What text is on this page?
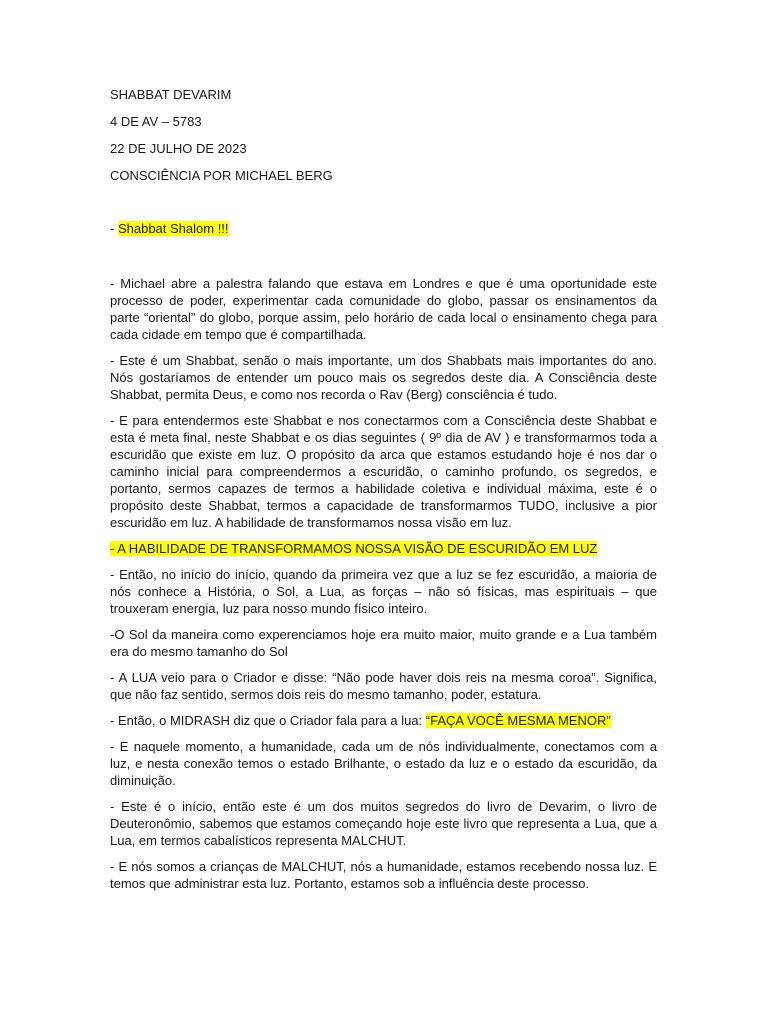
SHABBAT DEVARIM

4 DE AV – 5783

22 DE JULHO DE 2023

CONSCIÊNCIA POR MICHAEL BERG

- Shabbat Shalom !!!

- Michael abre a palestra falando que estava em Londres e que é uma oportunidade este processo de poder, experimentar cada comunidade do globo, passar os ensinamentos da parte “oriental” do globo, porque assim, pelo horário de cada local o ensinamento chega para cada cidade em tempo que é compartilhada.

- Este é um Shabbat, senão o mais importante, um dos Shabbats mais importantes do ano. Nós gostaríamos de entender um pouco mais os segredos deste dia. A Consciência deste Shabbat, permita Deus, e como nos recorda o Rav (Berg) consciência é tudo.

- E para entendermos este Shabbat e nos conectarmos com a Consciência deste Shabbat e esta é meta final, neste Shabbat e os dias seguintes ( 9º dia de AV ) e transformarmos toda a escuridão que existe em luz. O propósito da arca que estamos estudando hoje é nos dar o caminho inicial para compreendermos a escuridão, o caminho profundo, os segredos, e portanto, sermos capazes de termos a habilidade coletiva e individual máxima, este é o propósito deste Shabbat, termos a capacidade de transformarmos TUDO, inclusive a pior escuridão em luz. A habilidade de transformamos nossa visão em luz.

- A HABILIDADE DE TRANSFORMAMOS NOSSA VISÃO DE ESCURIDÃO EM LUZ

- Então, no início do início, quando da primeira vez que a luz se fez escuridão, a maioria de nós conhece a História, o Sol, a Lua, as forças – não só físicas, mas espirituais – que trouxeram energia, luz para nosso mundo físico inteiro.

-O Sol da maneira como experenciamos hoje era muito maior, muito grande e a Lua também era do mesmo tamanho do Sol

- A LUA veio para o Criador e disse: “Não pode haver dois reis na mesma coroa”. Significa, que não faz sentido, sermos dois reis do mesmo tamanho, poder, estatura.

- Então, o MIDRASH diz que o Criador fala para a lua: “FAÇA VOCÊ MESMA MENOR”

- E naquele momento, a humanidade, cada um de nós individualmente, conectamos com a luz, e nesta conexão temos o estado Brilhante, o estado da luz e o estado da escuridão, da diminuição.

- Este é o início, então este é um dos muitos segredos do livro de Devarim, o livro de Deuteronômio, sabemos que estamos começando hoje este livro que representa a Lua, que a Lua, em termos cabalísticos representa MALCHUT.

- E nós somos a crianças de MALCHUT, nós a humanidade, estamos recebendo nossa luz. E temos que administrar esta luz. Portanto, estamos sob a influência deste processo.
